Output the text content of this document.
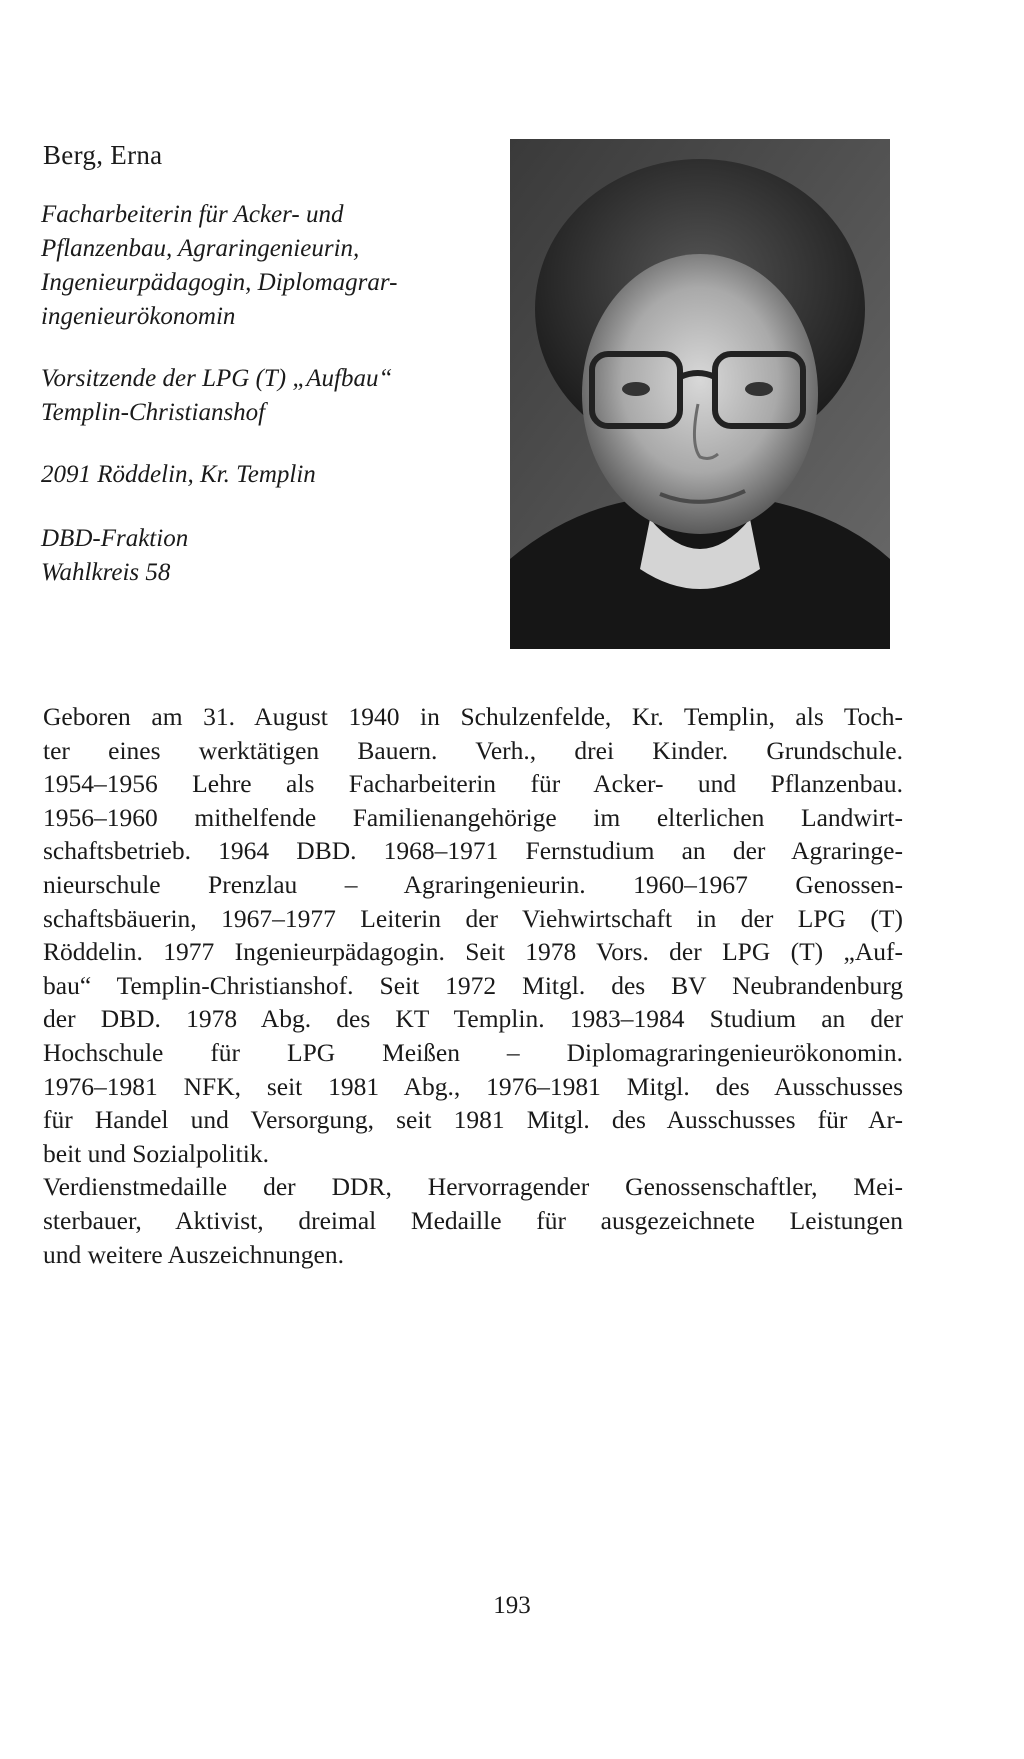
Berg, Erna

Facharbeiterin für Acker- und
Pflanzenbau, Agraringenieurin,
Ingenieurpädagogin, Diplomagrar-
ingenieurökonomin

Vorsitzende der LPG (T) „Aufbau“
Templin-Christianshof

2091 Röddelin, Kr. Templin

DBD-Fraktion
Wahlkreis 58

Geboren am 31. August 1940 in Schulzenfelde, Kr. Templin, als Toch-
ter eines werktätigen Bauern. Verh., drei Kinder. Grundschule.
1954–1956 Lehre als Facharbeiterin für Acker- und Pflanzenbau.
1956–1960 mithelfende Familienangehörige im elterlichen Landwirt-
schaftsbetrieb. 1964 DBD. 1968–1971 Fernstudium an der Agraringe-
nieurschule Prenzlau – Agraringenieurin. 1960–1967 Genossen-
schaftsbäuerin, 1967–1977 Leiterin der Viehwirtschaft in der LPG (T)
Röddelin. 1977 Ingenieurpädagogin. Seit 1978 Vors. der LPG (T) „Auf-
bau“ Templin-Christianshof. Seit 1972 Mitgl. des BV Neubrandenburg
der DBD. 1978 Abg. des KT Templin. 1983–1984 Studium an der
Hochschule für LPG Meißen – Diplomagraringenieurökonomin.
1976–1981 NFK, seit 1981 Abg., 1976–1981 Mitgl. des Ausschusses
für Handel und Versorgung, seit 1981 Mitgl. des Ausschusses für Ar-
beit und Sozialpolitik.
Verdienstmedaille der DDR, Hervorragender Genossenschaftler, Mei-
sterbauer, Aktivist, dreimal Medaille für ausgezeichnete Leistungen
und weitere Auszeichnungen.

193
